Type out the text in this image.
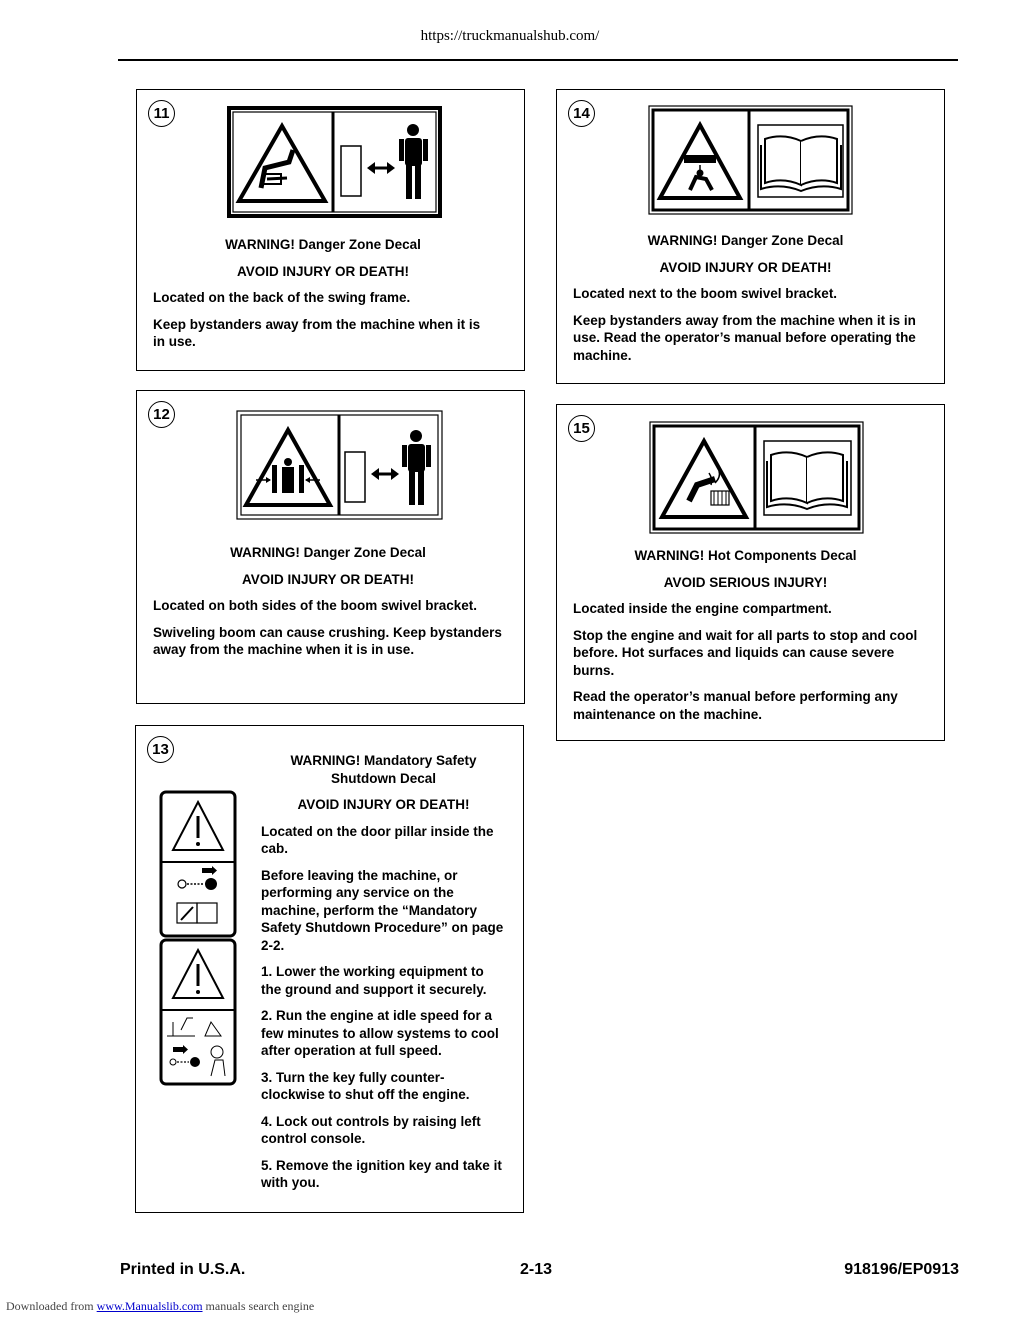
https://truckmanualshub.com/
11

WARNING! Danger Zone Decal

AVOID INJURY OR DEATH!

Located on the back of the swing frame.

Keep bystanders away from the machine when it is in use.

12

WARNING! Danger Zone Decal

AVOID INJURY OR DEATH!

Located on both sides of the boom swivel bracket.

Swiveling boom can cause crushing. Keep bystanders away from the machine when it is in use.

13

WARNING! Mandatory Safety Shutdown Decal

AVOID INJURY OR DEATH!

Located on the door pillar inside the cab.

Before leaving the machine, or performing any service on the machine, perform the “Mandatory Safety Shutdown Procedure” on page 2-2.

1. Lower the working equipment to the ground and support it securely.

2. Run the engine at idle speed for a few minutes to allow systems to cool after operation at full speed.

3. Turn the key fully counter-clockwise to shut off the engine.

4. Lock out controls by raising left control console.

5. Remove the ignition key and take it with you.

14

WARNING! Danger Zone Decal

AVOID INJURY OR DEATH!

Located next to the boom swivel bracket.

Keep bystanders away from the machine when it is in use. Read the operator’s manual before operating the machine.

15

WARNING! Hot Components Decal

AVOID SERIOUS INJURY!

Located inside the engine compartment.

Stop the engine and wait for all parts to stop and cool before. Hot surfaces and liquids can cause severe burns.

Read the operator’s manual before performing any maintenance on the machine.

Printed in U.S.A.	2-13	918196/EP0913
Downloaded from www.Manualslib.com manuals search engine
